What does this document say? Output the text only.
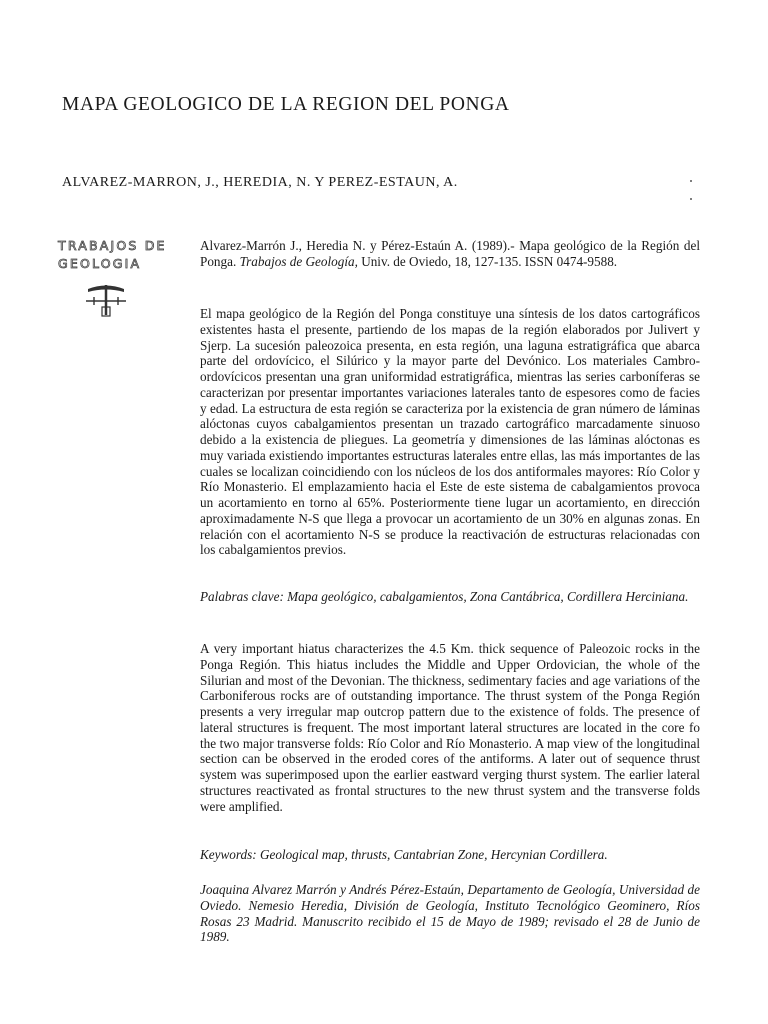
MAPA GEOLOGICO DE LA REGION DEL PONGA
ALVAREZ-MARRON, J., HEREDIA, N. Y PEREZ-ESTAUN, A.
TRABAJOS DE
GEOLOGIA

Alvarez-Marrón J., Heredia N. y Pérez-Estaún A. (1989).- Mapa geológico de la Región del Ponga. Trabajos de Geología, Univ. de Oviedo, 18, 127-135. ISSN 0474-9588.

El mapa geológico de la Región del Ponga constituye una síntesis de los datos cartográficos existentes hasta el presente, partiendo de los mapas de la región elaborados por Julivert y Sjerp. La sucesión paleozoica presenta, en esta región, una laguna estratigráfica que abarca parte del ordovícico, el Silúrico y la mayor parte del Devónico. Los materiales Cambro-ordovícicos presentan una gran uniformidad estratigráfica, mientras las series carboníferas se caracterizan por presentar importantes variaciones laterales tanto de espesores como de facies y edad. La estructura de esta región se caracteriza por la existencia de gran número de láminas alóctonas cuyos cabalgamientos presentan un trazado cartográfico marcadamente sinuoso debido a la existencia de pliegues. La geometría y dimensiones de las láminas alóctonas es muy variada existiendo importantes estructuras laterales entre ellas, las más importantes de las cuales se localizan coincidiendo con los núcleos de los dos antiformales mayores: Río Color y Río Monasterio. El emplazamiento hacia el Este de este sistema de cabalgamientos provoca un acortamiento en torno al 65%. Posteriormente tiene lugar un acortamiento, en dirección aproximadamente N-S que llega a provocar un acortamiento de un 30% en algunas zonas. En relación con el acortamiento N-S se produce la reactivación de estructuras relacionadas con los cabalgamientos previos.

Palabras clave: Mapa geológico, cabalgamientos, Zona Cantábrica, Cordillera Herciniana.

A very important hiatus characterizes the 4.5 Km. thick sequence of Paleozoic rocks in the Ponga Región. This hiatus includes the Middle and Upper Ordovician, the whole of the Silurian and most of the Devonian. The thickness, sedimentary facies and age variations of the Carboniferous rocks are of outstanding importance. The thrust system of the Ponga Región presents a very irregular map outcrop pattern due to the existence of folds. The presence of lateral structures is frequent. The most important lateral structures are located in the core fo the two major transverse folds: Río Color and Río Monasterio. A map view of the longitudinal section can be observed in the eroded cores of the antiforms. A later out of sequence thrust system was superimposed upon the earlier eastward verging thurst system. The earlier lateral structures reactivated as frontal structures to the new thrust system and the transverse folds were amplified.

Keywords: Geological map, thrusts, Cantabrian Zone, Hercynian Cordillera.

Joaquina Alvarez Marrón y Andrés Pérez-Estaún, Departamento de Geología, Universidad de Oviedo. Nemesio Heredia, División de Geología, Instituto Tecnológico Geominero, Ríos Rosas 23 Madrid. Manuscrito recibido el 15 de Mayo de 1989; revisado el 28 de Junio de 1989.
